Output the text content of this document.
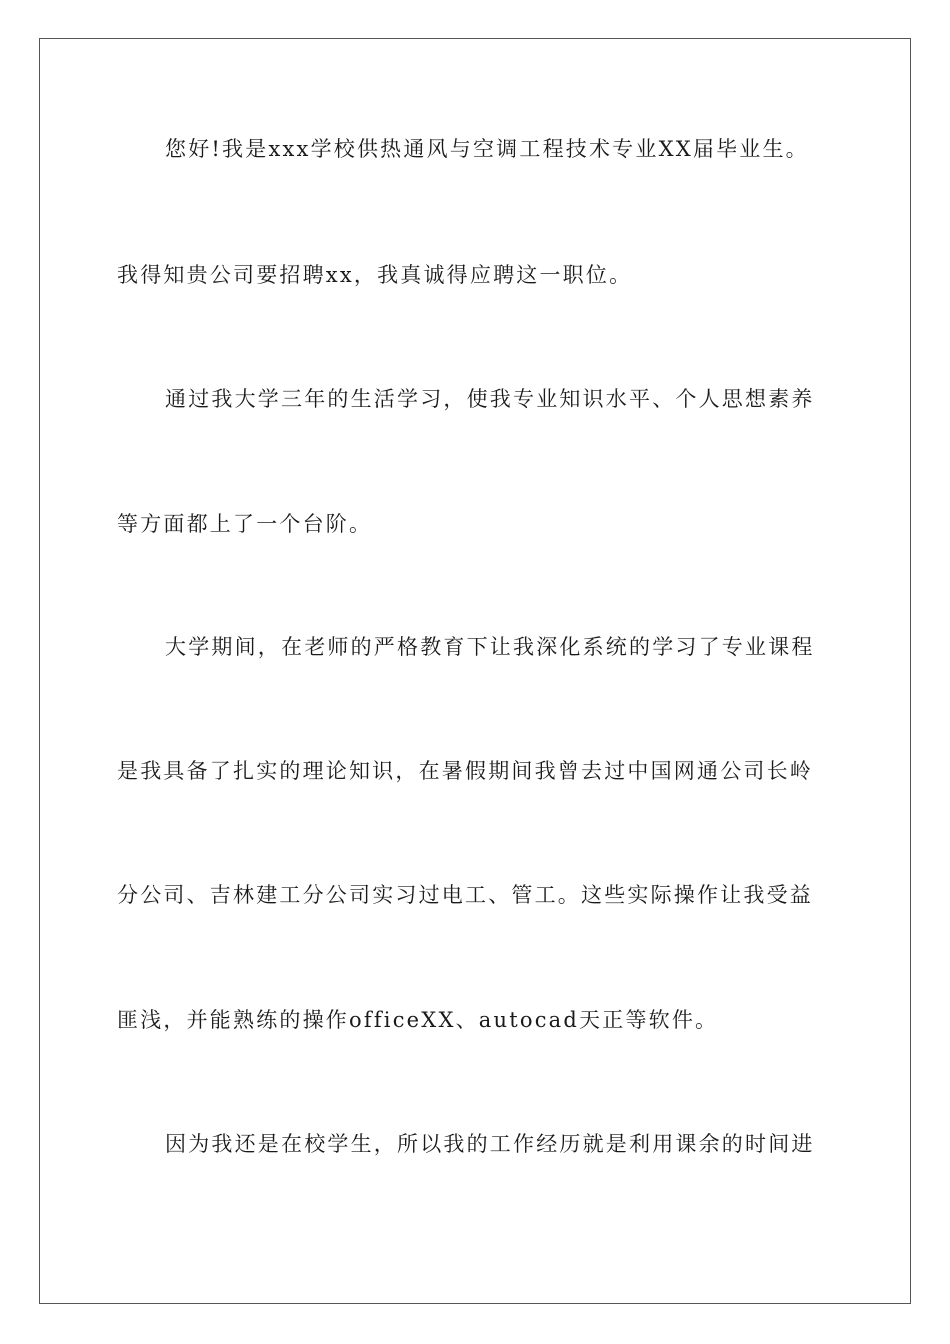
您好!我是xxx学校供热通风与空调工程技术专业XX届毕业生。
我得知贵公司要招聘xx，我真诚得应聘这一职位。
通过我大学三年的生活学习，使我专业知识水平、个人思想素养
等方面都上了一个台阶。
大学期间，在老师的严格教育下让我深化系统的学习了专业课程
是我具备了扎实的理论知识，在暑假期间我曾去过中国网通公司长岭
分公司、吉林建工分公司实习过电工、管工。这些实际操作让我受益
匪浅，并能熟练的操作officeXX、autocad天正等软件。
因为我还是在校学生，所以我的工作经历就是利用课余的时间进
